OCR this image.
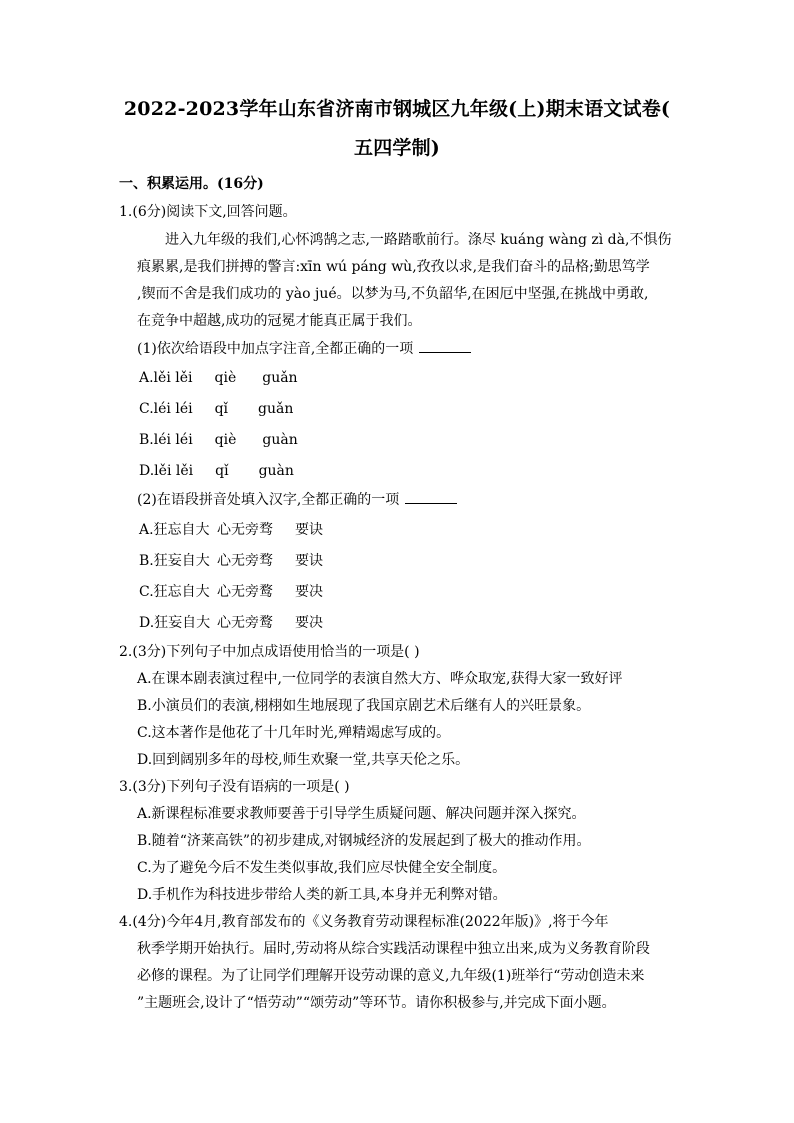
2022-2023学年山东省济南市钢城区九年级(上)期末语文试卷(
五四学制)
一、积累运用。(16分)
1.(6分)阅读下文,回答问题。
进入九年级的我们,心怀鸿鹄之志,一路踏歌前行。涤尽 kuáng wàng zì dà,不惧伤
痕累累,是我们拼搏的警言:xīn wú páng wù,孜孜以求,是我们奋斗的品格;勤思笃学
,锲而不舍是我们成功的 yào jué。以梦为马,不负韶华,在困厄中坚强,在挑战中勇敢,
在竞争中超越,成功的冠冕才能真正属于我们。
(1)依次给语段中加点字注音,全都正确的一项
A.lěi lěi qiè guǎn
C.léi léi qǐ guǎn
B.léi léi qiè guàn
D.lěi lěi qǐ guàn
(2)在语段拼音处填入汉字,全都正确的一项
A.狂忘自大 心无旁骛 要诀
B.狂妄自大 心无旁骛 要诀
C.狂忘自大 心无旁鹜 要决
D.狂妄自大 心无旁鹜 要决
2.(3分)下列句子中加点成语使用恰当的一项是( )
A.在课本剧表演过程中,一位同学的表演自然大方、哗众取宠,获得大家一致好评
B.小演员们的表演,栩栩如生地展现了我国京剧艺术后继有人的兴旺景象。
C.这本著作是他花了十几年时光,殚精竭虑写成的。
D.回到阔别多年的母校,师生欢聚一堂,共享天伦之乐。
3.(3分)下列句子没有语病的一项是( )
A.新课程标准要求教师要善于引导学生质疑问题、解决问题并深入探究。
B.随着“济莱高铁”的初步建成,对钢城经济的发展起到了极大的推动作用。
C.为了避免今后不发生类似事故,我们应尽快健全安全制度。
D.手机作为科技进步带给人类的新工具,本身并无利弊对错。
4.(4分)今年4月,教育部发布的《义务教育劳动课程标准(2022年版)》,将于今年
秋季学期开始执行。届时,劳动将从综合实践活动课程中独立出来,成为义务教育阶段
必修的课程。为了让同学们理解开设劳动课的意义,九年级(1)班举行“劳动创造未来
”主题班会,设计了“悟劳动”“颂劳动”等环节。请你积极参与,并完成下面小题。
